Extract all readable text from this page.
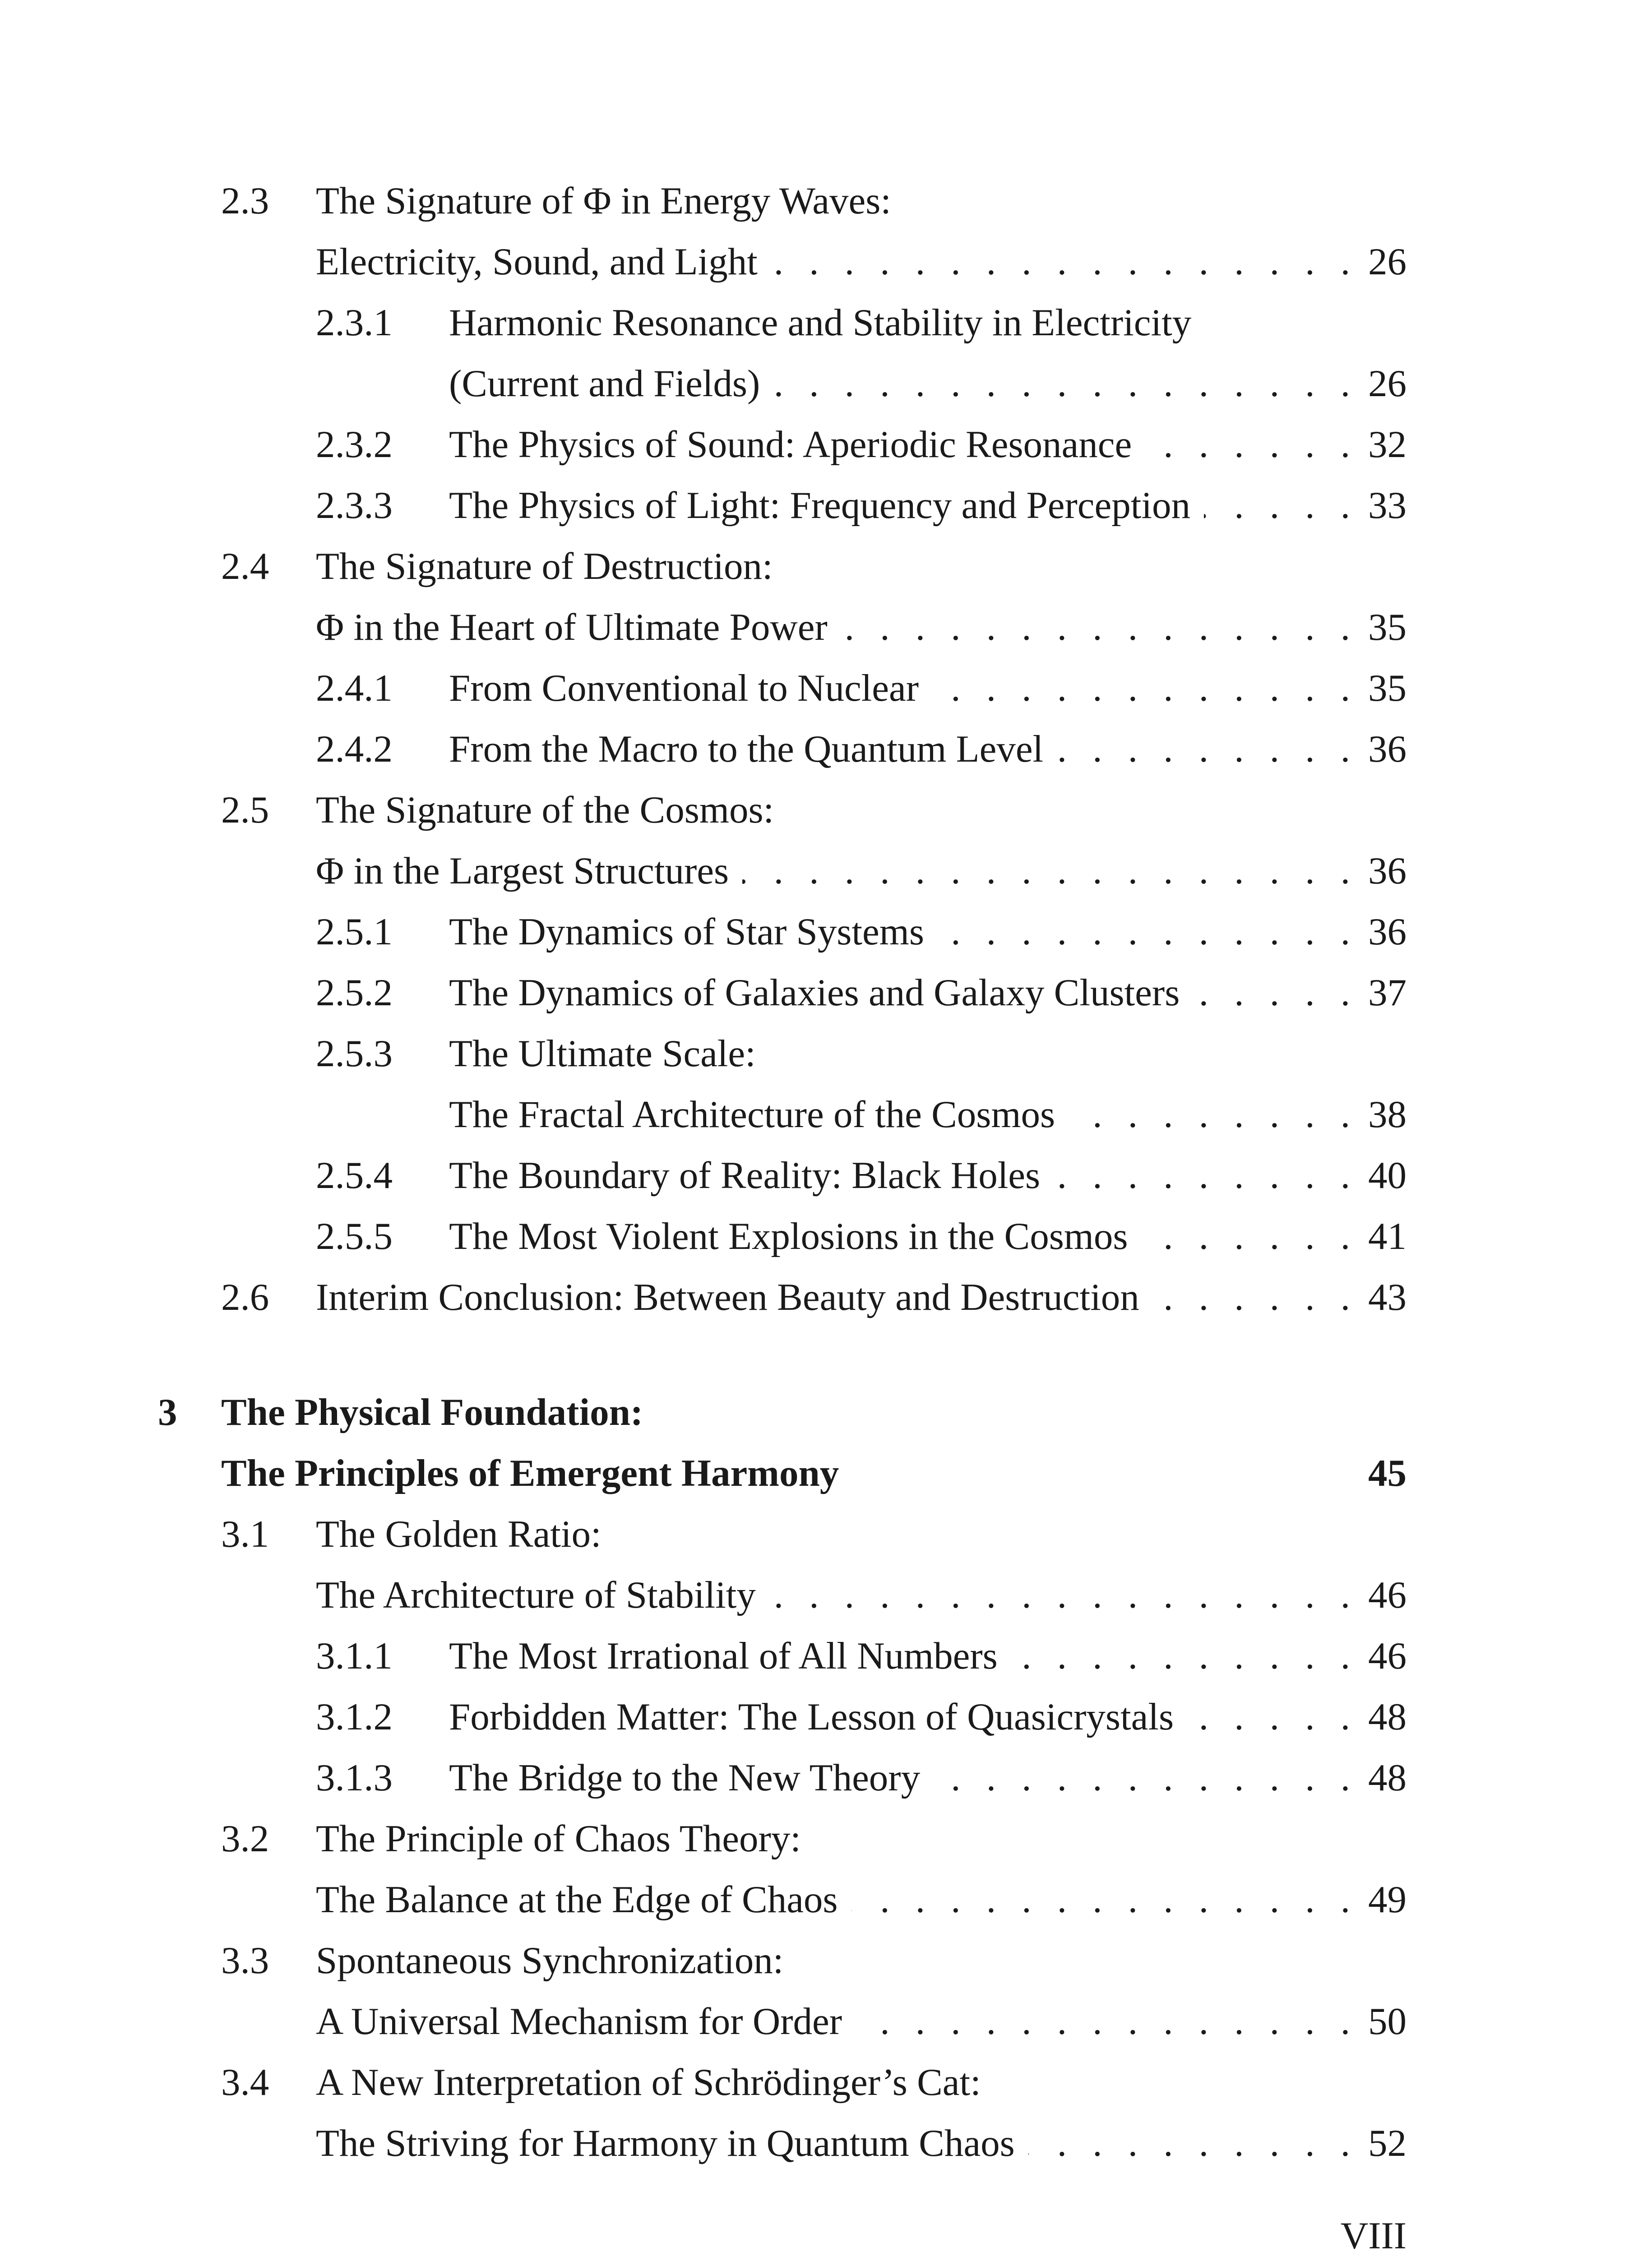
2.3 The Signature of Φ in Energy Waves:
Electricity, Sound, and Light . . .	26
2.3.1 Harmonic Resonance and Stability in Electricity
(Current and Fields) . . .	26
2.3.2 The Physics of Sound: Aperiodic Resonance . . .	32
2.3.3 The Physics of Light: Frequency and Perception . . .	33
2.4 The Signature of Destruction:
Φ in the Heart of Ultimate Power . . .	35
2.4.1 From Conventional to Nuclear . . .	35
2.4.2 From the Macro to the Quantum Level . . .	36
2.5 The Signature of the Cosmos:
Φ in the Largest Structures . . .	36
2.5.1 The Dynamics of Star Systems . . .	36
2.5.2 The Dynamics of Galaxies and Galaxy Clusters . . .	37
2.5.3 The Ultimate Scale:
The Fractal Architecture of the Cosmos . . .	38
2.5.4 The Boundary of Reality: Black Holes . . .	40
2.5.5 The Most Violent Explosions in the Cosmos . . .	41
2.6 Interim Conclusion: Between Beauty and Destruction . . .	43
3 The Physical Foundation:
The Principles of Emergent Harmony	45
3.1 The Golden Ratio:
The Architecture of Stability . . .	46
3.1.1 The Most Irrational of All Numbers . . .	46
3.1.2 Forbidden Matter: The Lesson of Quasicrystals . . .	48
3.1.3 The Bridge to the New Theory . . .	48
3.2 The Principle of Chaos Theory:
The Balance at the Edge of Chaos . . .	49
3.3 Spontaneous Synchronization:
A Universal Mechanism for Order . . .	50
3.4 A New Interpretation of Schrödinger’s Cat:
The Striving for Harmony in Quantum Chaos . . .	52
VIII
